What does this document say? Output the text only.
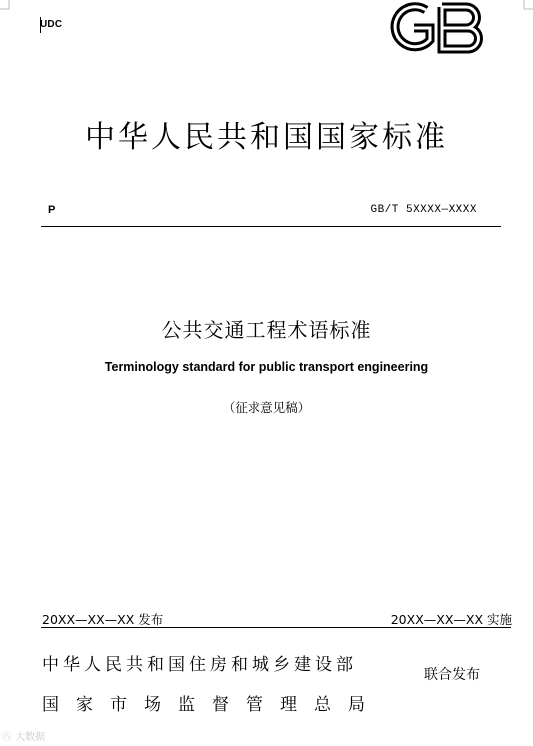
UDC
中华人民共和国国家标准
P	GB/T 5XXXX—XXXX
公共交通工程术语标准
Terminology standard for public transport engineering
（征求意见稿）
20XX—XX—XX 发布	20XX—XX—XX 实施
中华人民共和国住房和城乡建设部
国家市场监督管理总局
联合发布
㊇ 大数据
